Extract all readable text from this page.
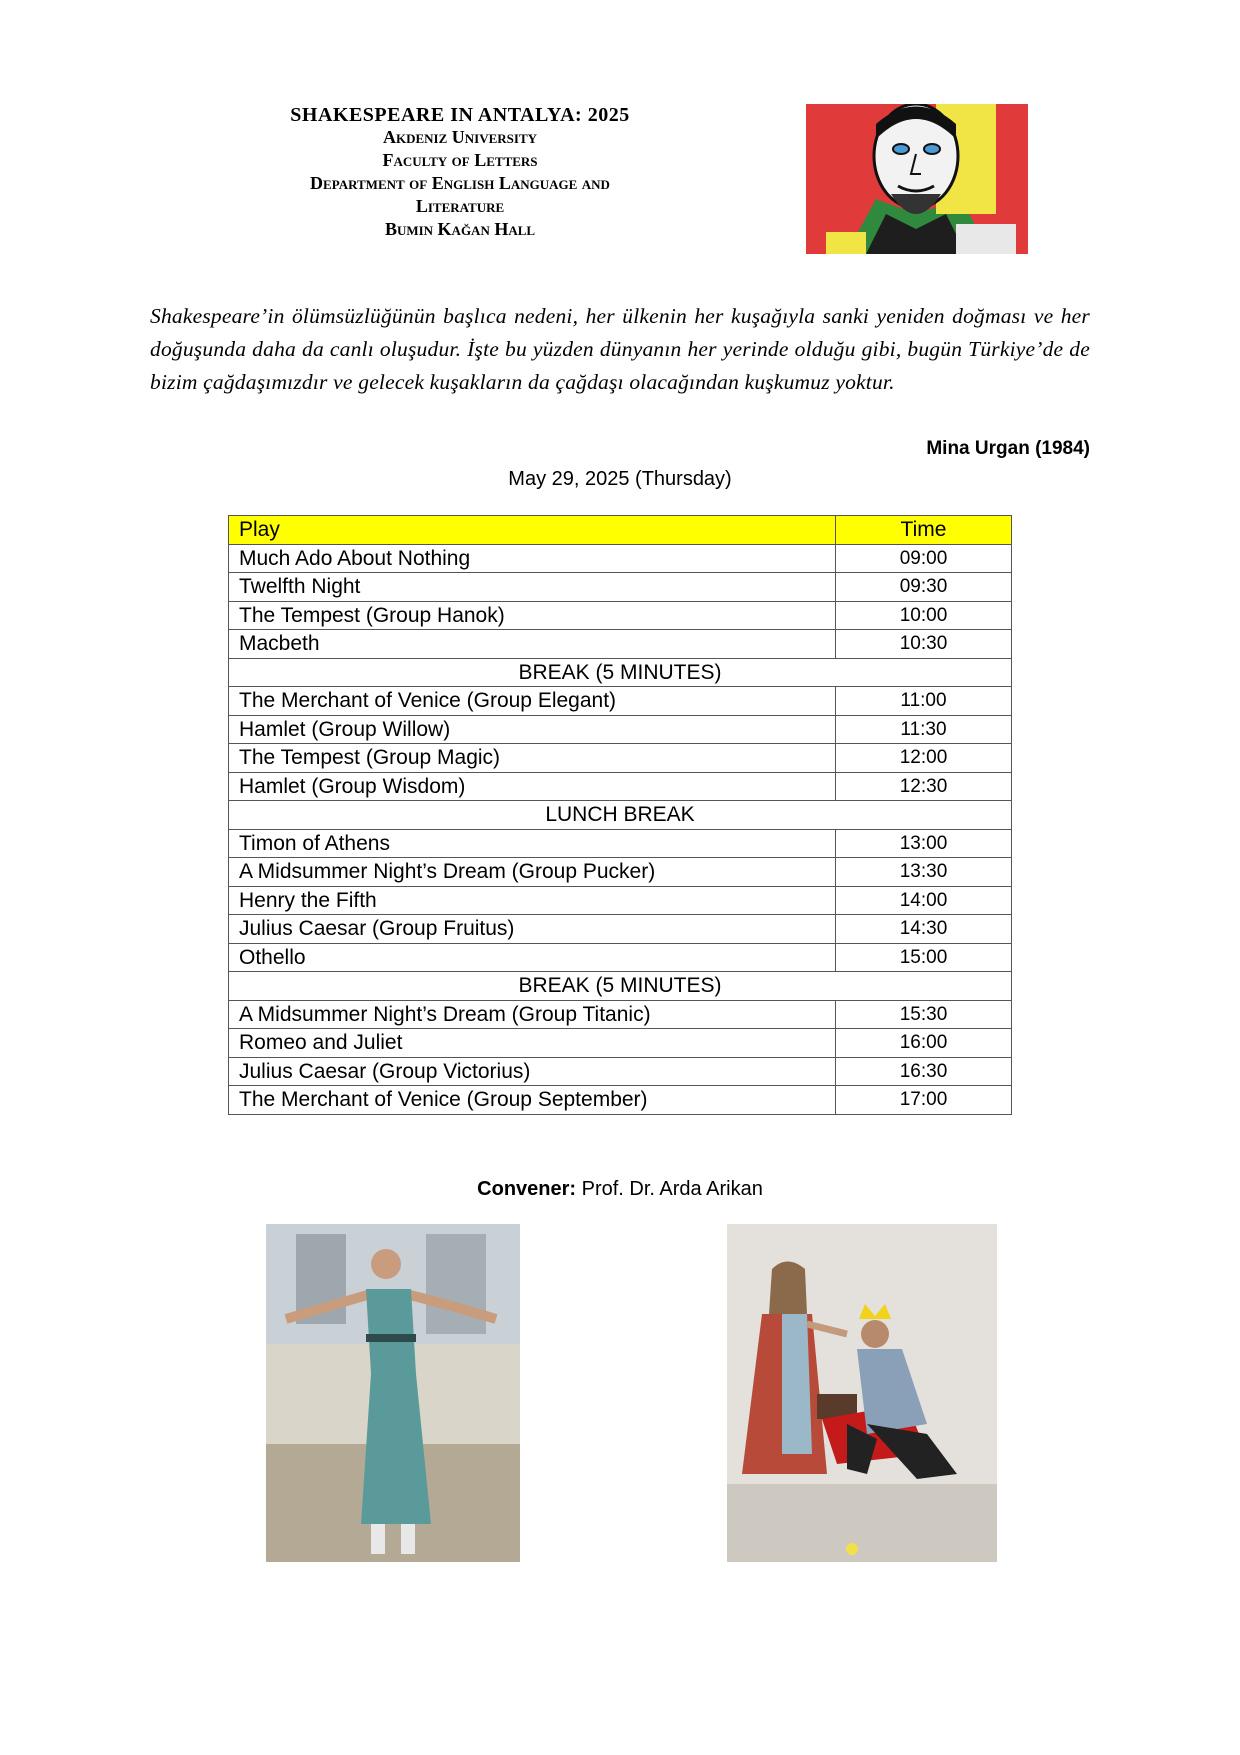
SHAKESPEARE IN ANTALYA: 2025
Akdeniz University
Faculty of Letters
Department of English Language and
Literature
Bumin Kağan Hall
Shakespeare’in ölümsüzlüğünün başlıca nedeni, her ülkenin her kuşağıyla sanki yeniden doğması ve her doğuşunda daha da canlı oluşudur. İşte bu yüzden dünyanın her yerinde olduğu gibi, bugün Türkiye’de de bizim çağdaşımızdır ve gelecek kuşakların da çağdaşı olacağından kuşkumuz yoktur.
Mina Urgan (1984)
May 29, 2025 (Thursday)
Play	Time
Much Ado About Nothing	09:00
Twelfth Night	09:30
The Tempest (Group Hanok)	10:00
Macbeth	10:30
BREAK (5 MINUTES)	
The Merchant of Venice (Group Elegant)	11:00
Hamlet (Group Willow)	11:30
The Tempest (Group Magic)	12:00
Hamlet (Group Wisdom)	12:30
LUNCH BREAK	
Timon of Athens	13:00
A Midsummer Night’s Dream (Group Pucker)	13:30
Henry the Fifth	14:00
Julius Caesar (Group Fruitus)	14:30
Othello	15:00
BREAK (5 MINUTES)	
A Midsummer Night’s Dream (Group Titanic)	15:30
Romeo and Juliet	16:00
Julius Caesar (Group Victorius)	16:30
The Merchant of Venice (Group September)	17:00
Convener: Prof. Dr. Arda Arikan
